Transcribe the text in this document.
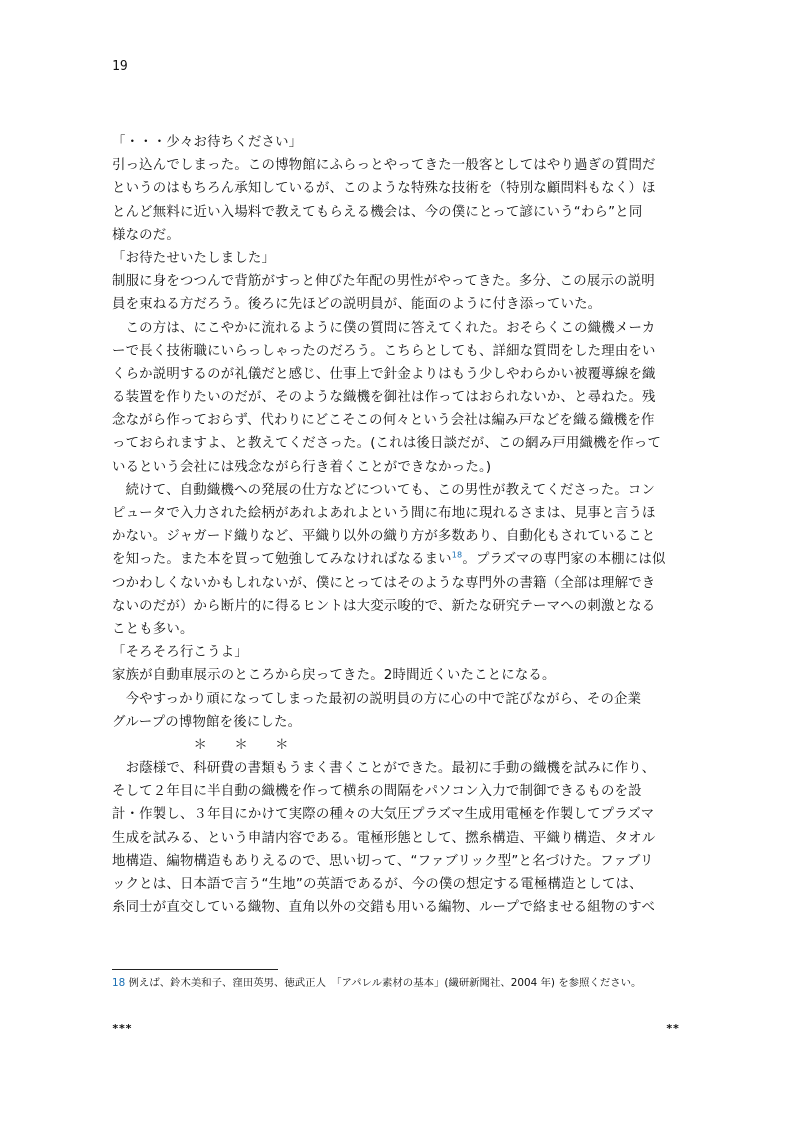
19
「・・・少々お待ちください」
引っ込んでしまった。この博物館にふらっとやってきた一般客としてはやり過ぎの質問だ
というのはもちろん承知しているが、このような特殊な技術を（特別な顧問料もなく）ほ
とんど無料に近い入場料で教えてもらえる機会は、今の僕にとって諺にいう“わら”と同
様なのだ。
「お待たせいたしました」
制服に身をつつんで背筋がすっと伸びた年配の男性がやってきた。多分、この展示の説明
員を束ねる方だろう。後ろに先ほどの説明員が、能面のように付き添っていた。
　この方は、にこやかに流れるように僕の質問に答えてくれた。おそらくこの織機メーカ
ーで長く技術職にいらっしゃったのだろう。こちらとしても、詳細な質問をした理由をい
くらか説明するのが礼儀だと感じ、仕事上で針金よりはもう少しやわらかい被覆導線を織
る装置を作りたいのだが、そのような織機を御社は作ってはおられないか、と尋ねた。残
念ながら作っておらず、代わりにどこそこの何々という会社は編み戸などを織る織機を作
っておられますよ、と教えてくださった。(これは後日談だが、この網み戸用織機を作って
いるという会社には残念ながら行き着くことができなかった。)
　続けて、自動織機への発展の仕方などについても、この男性が教えてくださった。コン
ピュータで入力された絵柄があれよあれよという間に布地に現れるさまは、見事と言うほ
かない。ジャガード織りなど、平織り以外の織り方が多数あり、自動化もされていること
を知った。また本を買って勉強してみなければなるまい$^{18}$。プラズマの専門家の本棚には似
つかわしくないかもしれないが、僕にとってはそのような専門外の書籍（全部は理解でき
ないのだが）から断片的に得るヒントは大変示唆的で、新たな研究テーマへの刺激となる
ことも多い。
「そろそろ行こうよ」
家族が自動車展示のところから戻ってきた。2時間近くいたことになる。
　今やすっかり頑になってしまった最初の説明員の方に心の中で詫びながら、その企業
グループの博物館を後にした。
　　　　　　＊　　＊　　＊
　お蔭様で、科研費の書類もうまく書くことができた。最初に手動の織機を試みに作り、
そして２年目に半自動の織機を作って横糸の間隔をパソコン入力で制御できるものを設
計・作製し、３年目にかけて実際の種々の大気圧プラズマ生成用電極を作製してプラズマ
生成を試みる、という申請内容である。電極形態として、撚糸構造、平織り構造、タオル
地構造、編物構造もありえるので、思い切って、“ファブリック型”と名づけた。ファブリ
ックとは、日本語で言う“生地”の英語であるが、今の僕の想定する電極構造としては、
糸同士が直交している織物、直角以外の交錯も用いる編物、ループで絡ませる組物のすべ
18 例えば、鈴木美和子、窪田英男、徳武正人　「アパレル素材の基本」(繊研新聞社、2004 年) を参照ください。
***	**
